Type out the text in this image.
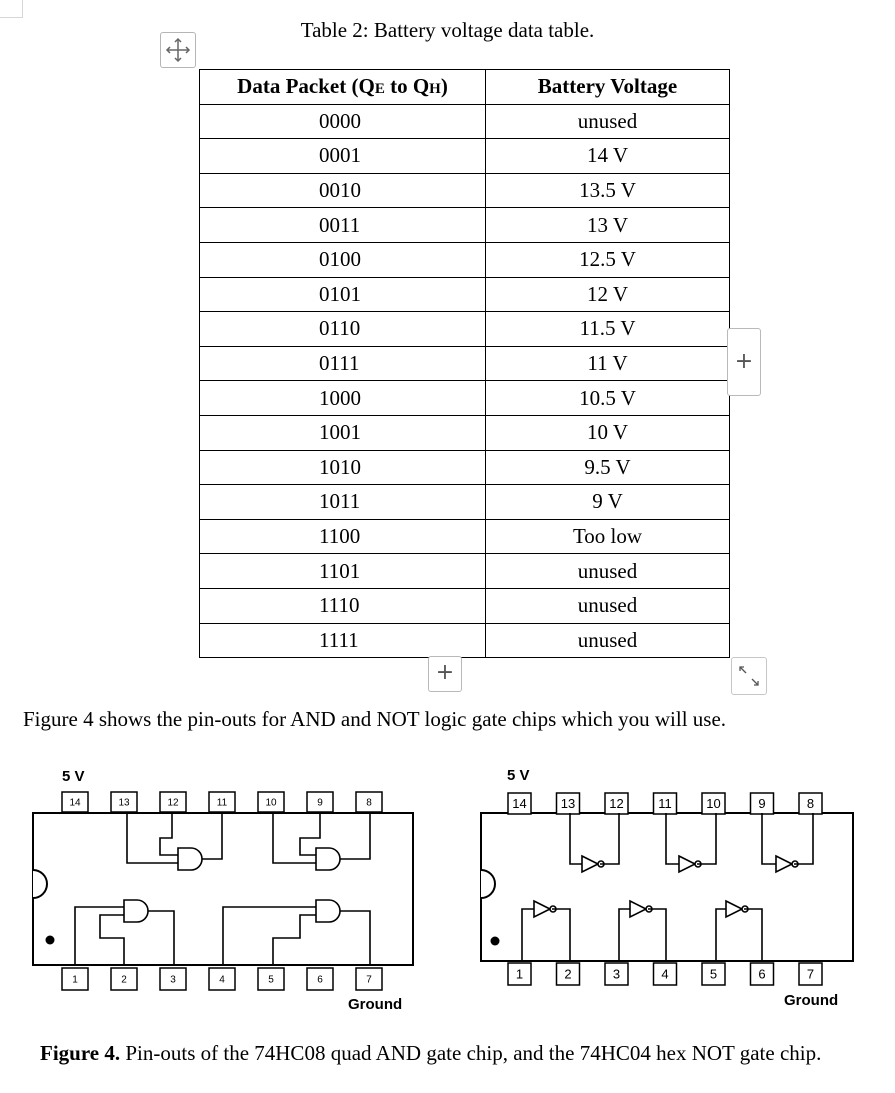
Table 2: Battery voltage data table.
Data Packet (QE to QH)	Battery Voltage
0000	unused
0001	14 V
0010	13.5 V
0011	13 V
0100	12.5 V
0101	12 V
0110	11.5 V
0111	11 V
1000	10.5 V
1001	10 V
1010	9.5 V
1011	9 V
1100	Too low
1101	unused
1110	unused
1111	unused
+
+
Figure 4 shows the pin-outs for AND and NOT logic gate chips which you will use.
5 V
14	13	12	11	10	9	8
1	2	3	4	5	6	7
Ground
5 V
14	13	12	11	10	9	8
1	2	3	4	5	6	7
Ground
Figure 4. Pin-outs of the 74HC08 quad AND gate chip, and the 74HC04 hex NOT gate chip.
